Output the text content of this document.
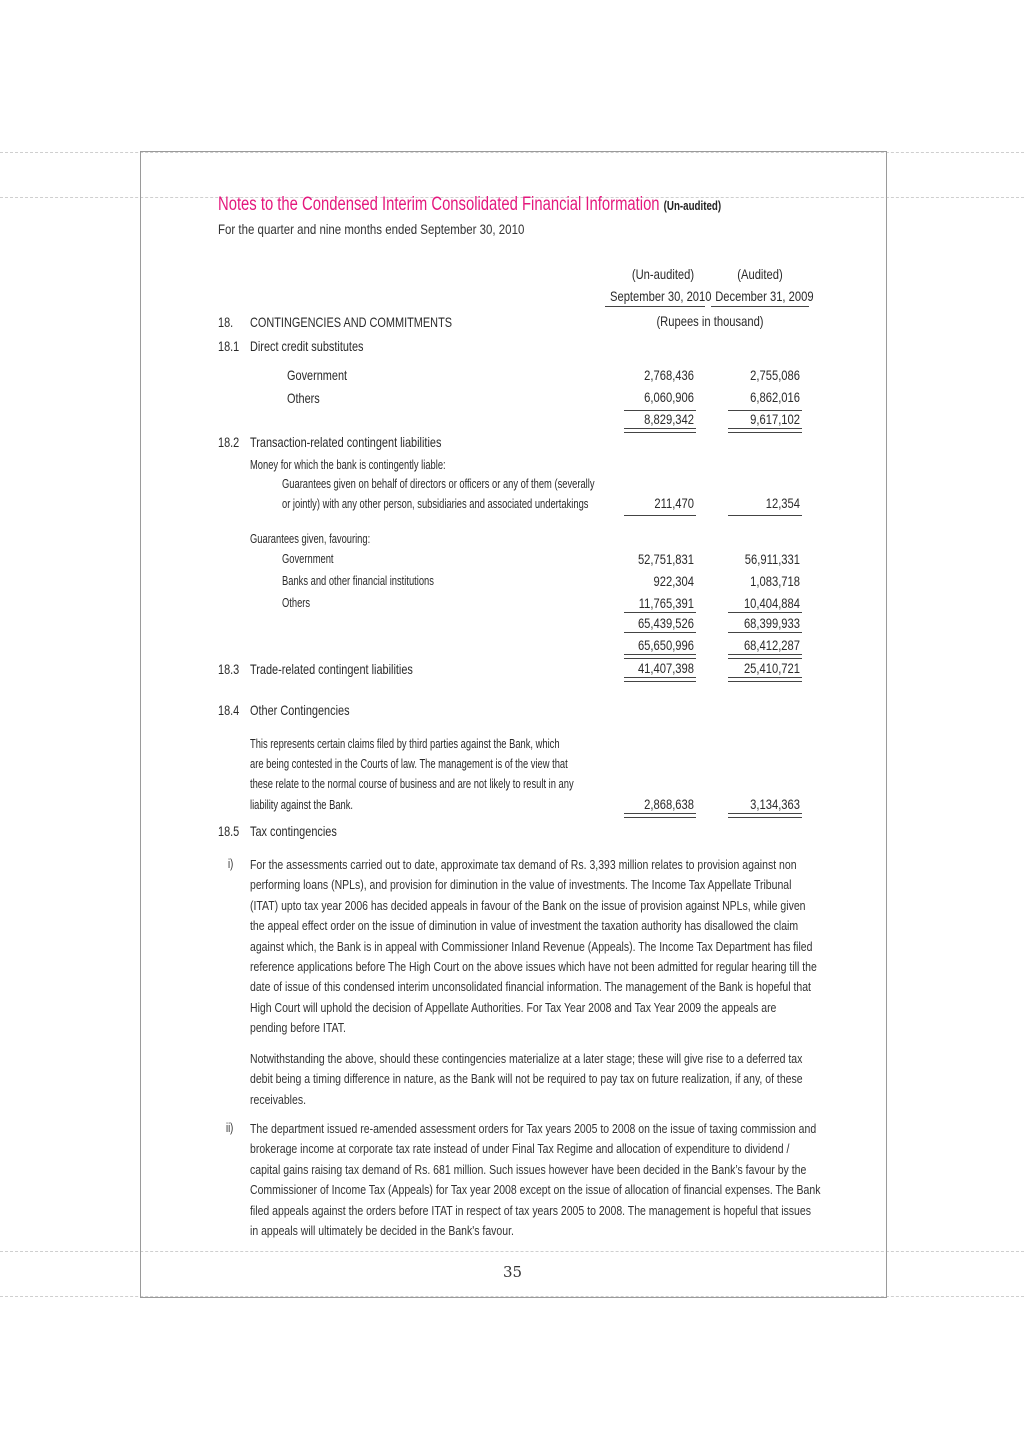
Notes to the Condensed Interim Consolidated Financial Information (Un-audited)
For the quarter and nine months ended September 30, 2010
(Un-audited)	(Audited)
September 30, 2010 December 31, 2009
(Rupees in thousand)
18. CONTINGENCIES AND COMMITMENTS
18.1 Direct credit substitutes
Government	2,768,436	2,755,086
Others	6,060,906	6,862,016
8,829,342	9,617,102
18.2 Transaction-related contingent liabilities
Money for which the bank is contingently liable:
Guarantees given on behalf of directors or officers or any of them (severally
or jointly) with any other person, subsidiaries and associated undertakings	211,470	12,354
Guarantees given, favouring:
Government	52,751,831	56,911,331
Banks and other financial institutions	922,304	1,083,718
Others	11,765,391	10,404,884
65,439,526	68,399,933
65,650,996	68,412,287
18.3 Trade-related contingent liabilities	41,407,398	25,410,721
18.4 Other Contingencies
This represents certain claims filed by third parties against the Bank, which
are being contested in the Courts of law. The management is of the view that
these relate to the normal course of business and are not likely to result in any
liability against the Bank.	2,868,638	3,134,363
18.5 Tax contingencies
i) For the assessments carried out to date, approximate tax demand of Rs. 3,393 million relates to provision against non
performing loans (NPLs), and provision for diminution in the value of investments. The Income Tax Appellate Tribunal
(ITAT) upto tax year 2006 has decided appeals in favour of the Bank on the issue of provision against NPLs, while given
the appeal effect order on the issue of diminution in value of investment the taxation authority has disallowed the claim
against which, the Bank is in appeal with Commissioner Inland Revenue (Appeals). The Income Tax Department has filed
reference applications before The High Court on the above issues which have not been admitted for regular hearing till the
date of issue of this condensed interim unconsolidated financial information. The management of the Bank is hopeful that
High Court will uphold the decision of Appellate Authorities. For Tax Year 2008 and Tax Year 2009 the appeals are
pending before ITAT.
Notwithstanding the above, should these contingencies materialize at a later stage; these will give rise to a deferred tax
debit being a timing difference in nature, as the Bank will not be required to pay tax on future realization, if any, of these
receivables.
ii) The department issued re-amended assessment orders for Tax years 2005 to 2008 on the issue of taxing commission and
brokerage income at corporate tax rate instead of under Final Tax Regime and allocation of expenditure to dividend /
capital gains raising tax demand of Rs. 681 million. Such issues however have been decided in the Bank’s favour by the
Commissioner of Income Tax (Appeals) for Tax year 2008 except on the issue of allocation of financial expenses. The Bank
filed appeals against the orders before ITAT in respect of tax years 2005 to 2008. The management is hopeful that issues
in appeals will ultimately be decided in the Bank's favour.
35
